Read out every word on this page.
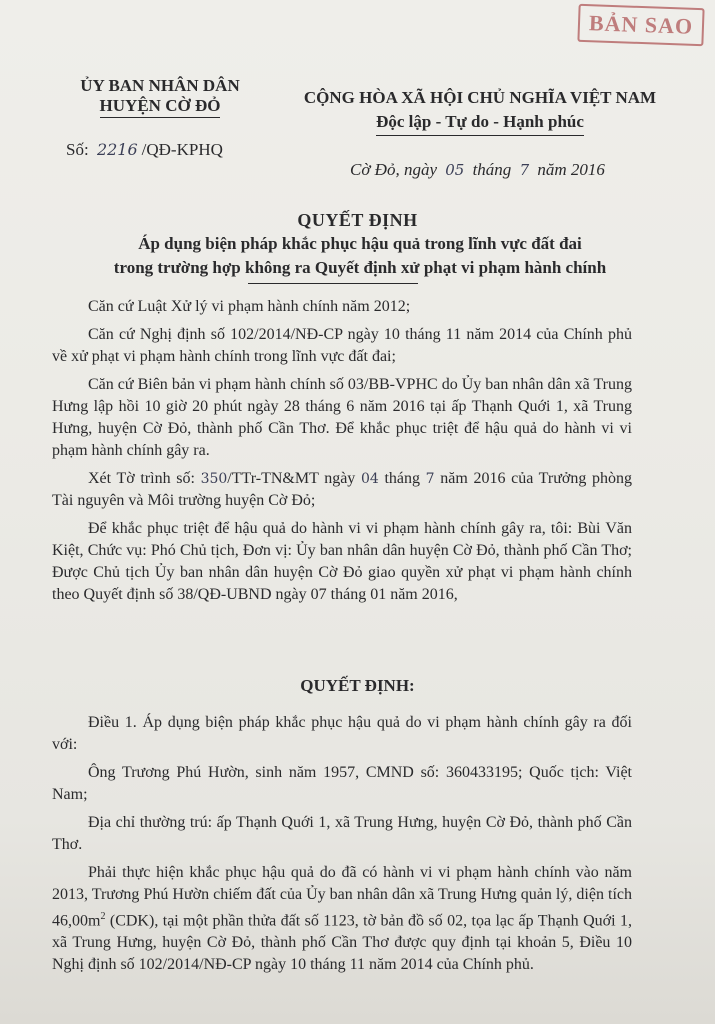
BẢN SAO
ỦY BAN NHÂN DÂN
HUYỆN CỜ ĐỎ	CỘNG HÒA XÃ HỘI CHỦ NGHĨA VIỆT NAM
Độc lập - Tự do - Hạnh phúc
Số: 2216 /QĐ-KPHQ
Cờ Đỏ, ngày 05 tháng 7 năm 2016
QUYẾT ĐỊNH
Áp dụng biện pháp khắc phục hậu quả trong lĩnh vực đất đai
trong trường hợp không ra Quyết định xử phạt vi phạm hành chính

Căn cứ Luật Xử lý vi phạm hành chính năm 2012;

Căn cứ Nghị định số 102/2014/NĐ-CP ngày 10 tháng 11 năm 2014 của Chính phủ về xử phạt vi phạm hành chính trong lĩnh vực đất đai;

Căn cứ Biên bản vi phạm hành chính số 03/BB-VPHC do Ủy ban nhân dân xã Trung Hưng lập hồi 10 giờ 20 phút ngày 28 tháng 6 năm 2016 tại ấp Thạnh Quới 1, xã Trung Hưng, huyện Cờ Đỏ, thành phố Cần Thơ. Để khắc phục triệt để hậu quả do hành vi vi phạm hành chính gây ra.

Xét Tờ trình số: 350/TTr-TN&MT ngày 04 tháng 7 năm 2016 của Trưởng phòng Tài nguyên và Môi trường huyện Cờ Đỏ;

Để khắc phục triệt để hậu quả do hành vi vi phạm hành chính gây ra, tôi: Bùi Văn Kiệt, Chức vụ: Phó Chủ tịch, Đơn vị: Ủy ban nhân dân huyện Cờ Đỏ, thành phố Cần Thơ; Được Chủ tịch Ủy ban nhân dân huyện Cờ Đỏ giao quyền xử phạt vi phạm hành chính theo Quyết định số 38/QĐ-UBND ngày 07 tháng 01 năm 2016,

QUYẾT ĐỊNH:

Điều 1. Áp dụng biện pháp khắc phục hậu quả do vi phạm hành chính gây ra đối với:

Ông Trương Phú Hườn, sinh năm 1957, CMND số: 360433195; Quốc tịch: Việt Nam;

Địa chỉ thường trú: ấp Thạnh Quới 1, xã Trung Hưng, huyện Cờ Đỏ, thành phố Cần Thơ.

Phải thực hiện khắc phục hậu quả do đã có hành vi vi phạm hành chính vào năm 2013, Trương Phú Hườn chiếm đất của Ủy ban nhân dân xã Trung Hưng quản lý, diện tích $46,00m^2$ (CDK), tại một phần thửa đất số 1123, tờ bản đồ số 02, tọa lạc ấp Thạnh Quới 1, xã Trung Hưng, huyện Cờ Đỏ, thành phố Cần Thơ được quy định tại khoản 5, Điều 10 Nghị định số 102/2014/NĐ-CP ngày 10 tháng 11 năm 2014 của Chính phủ.
